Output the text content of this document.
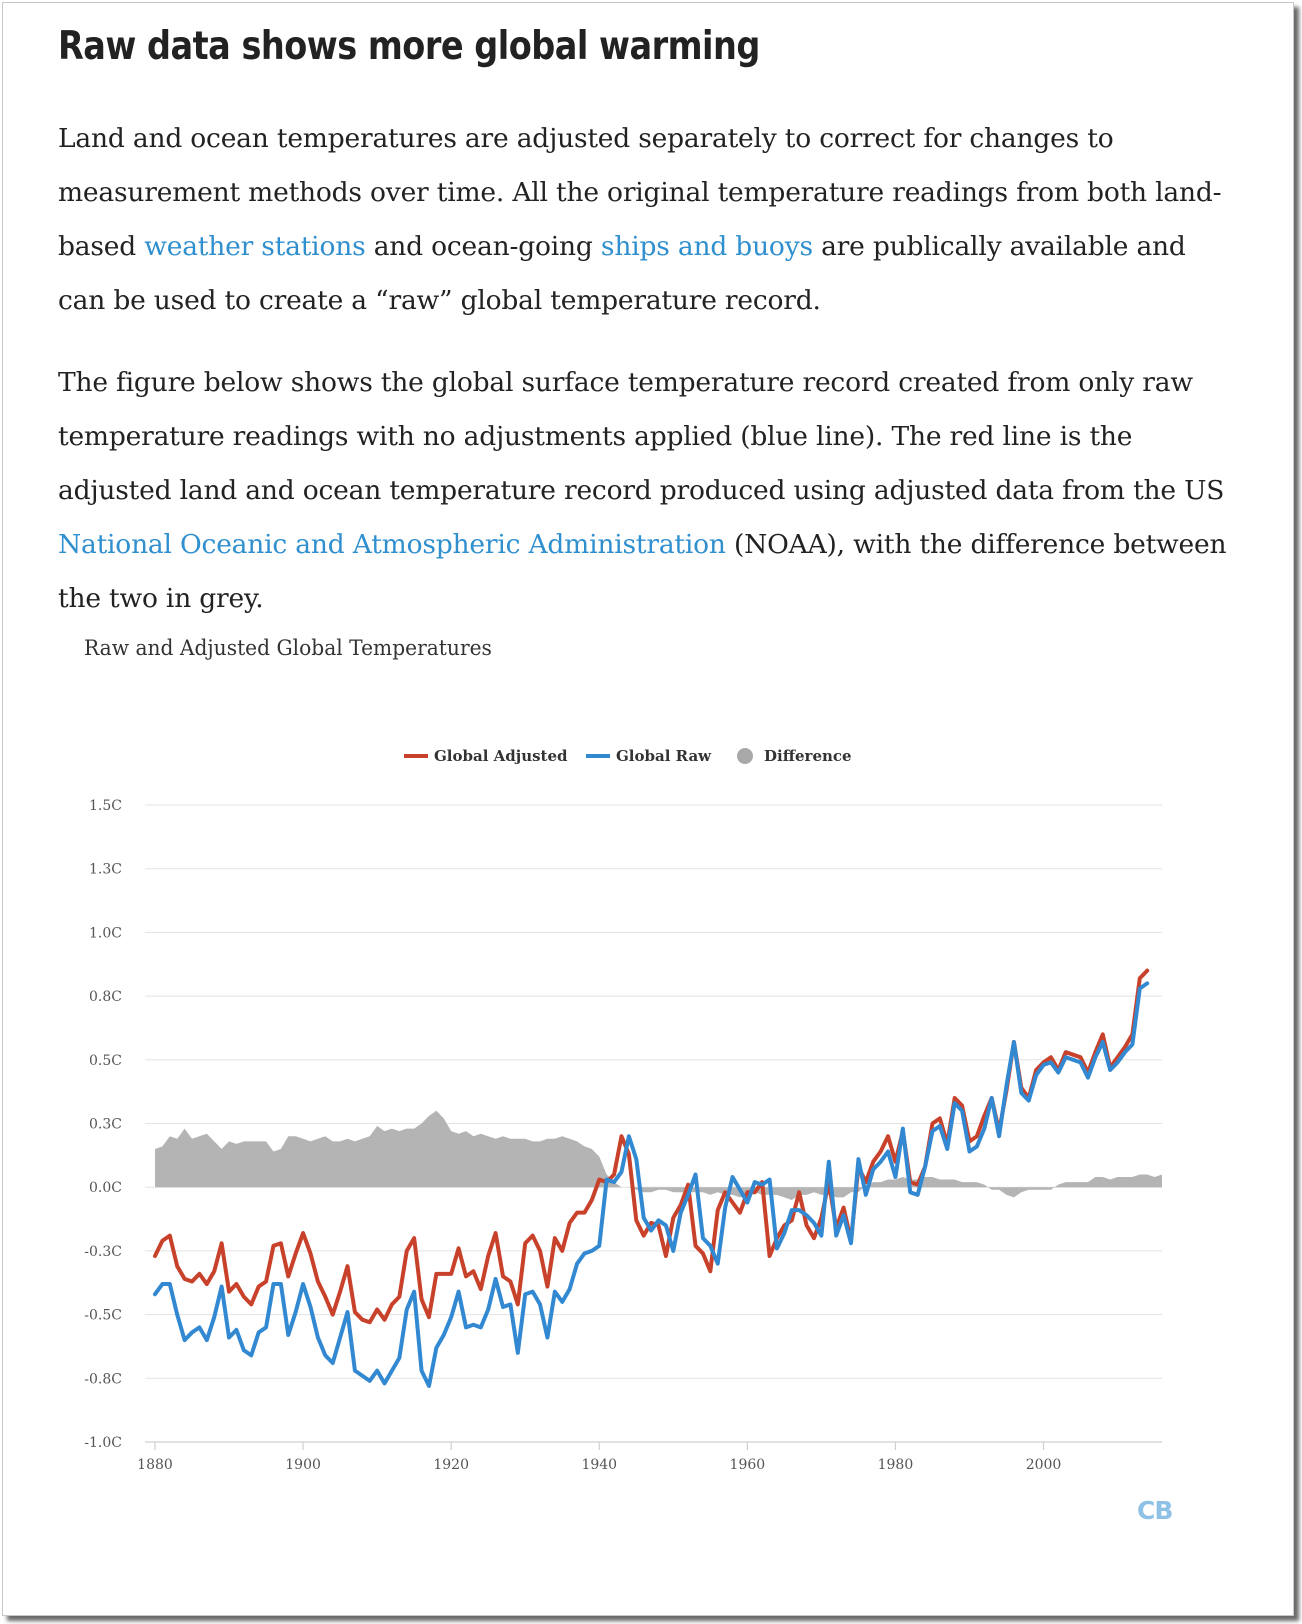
Raw data shows more global warming

Land and ocean temperatures are adjusted separately to correct for changes to measurement methods over time. All the original temperature readings from both land-based weather stations and ocean-going ships and buoys are publically available and can be used to create a “raw” global temperature record.

The figure below shows the global surface temperature record created from only raw temperature readings with no adjustments applied (blue line). The red line is the adjusted land and ocean temperature record produced using adjusted data from the US National Oceanic and Atmospheric Administration (NOAA), with the difference between the two in grey.

Raw and Adjusted Global Temperatures
-1.0C
-0.8C
-0.5C
-0.3C
0.0C
0.3C
0.5C
0.8C
1.0C
1.3C
1.5C
1880	1900	1920	1940	1960	1980	2000
Global Adjusted	Global Raw	Difference
CB
